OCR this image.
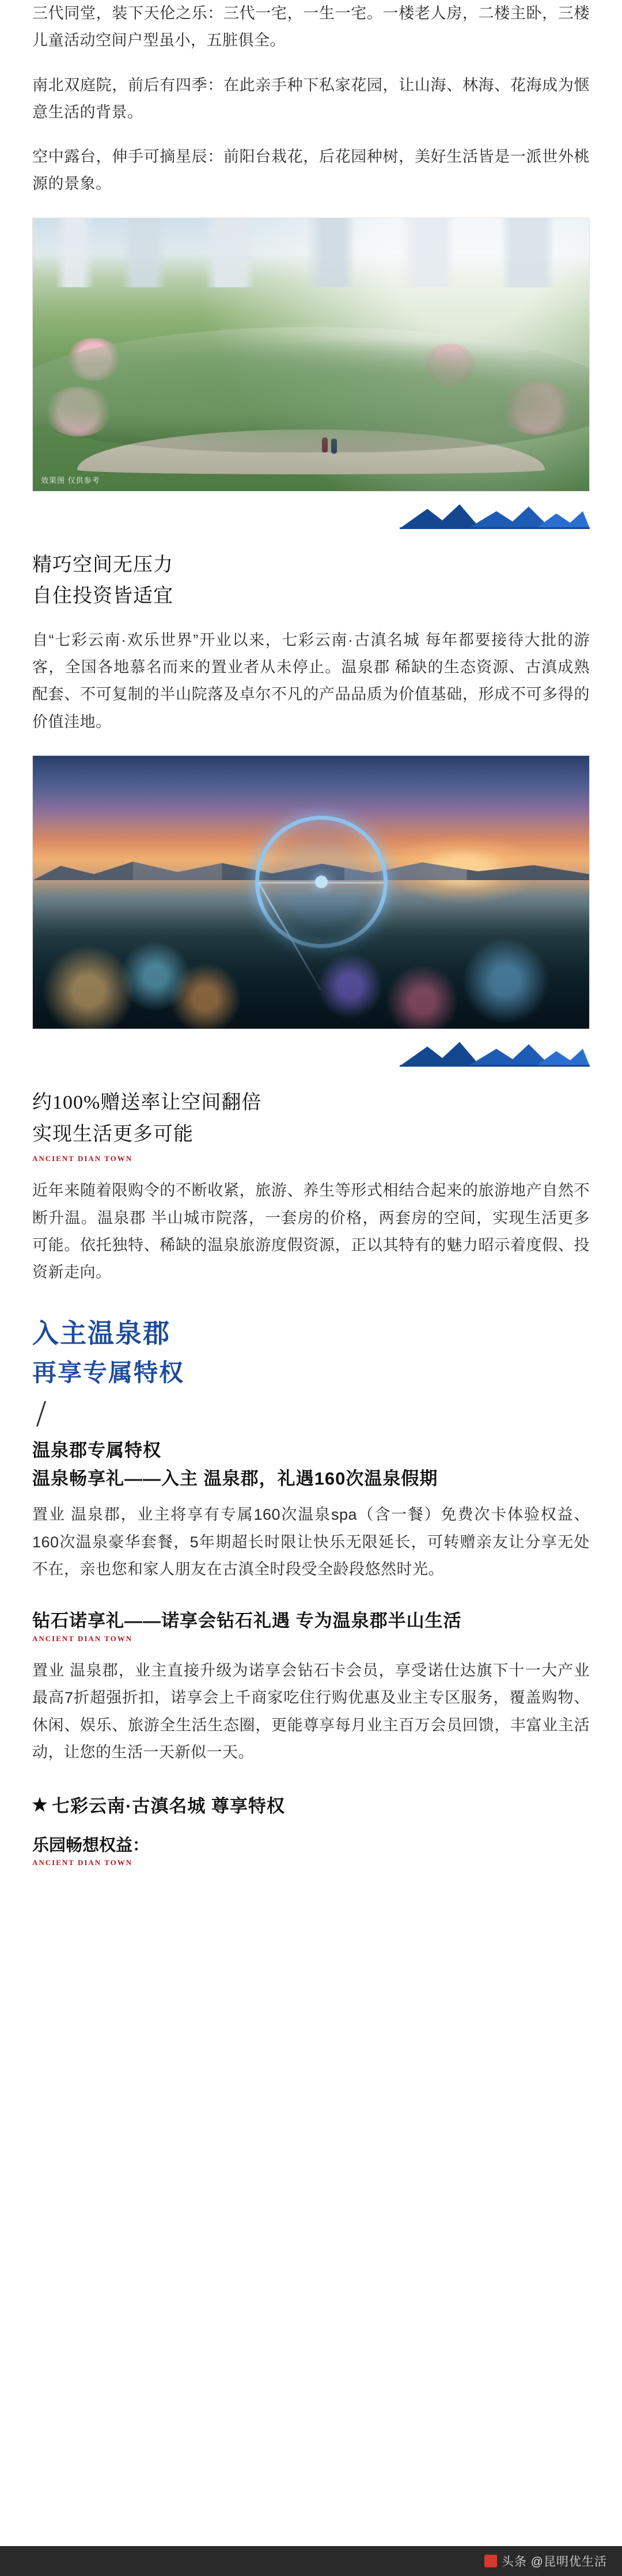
三代同堂，装下天伦之乐：三代一宅，一生一宅。一楼老人房，二楼主卧，三楼儿童活动空间户型虽小，五脏俱全。

南北双庭院，前后有四季：在此亲手种下私家花园，让山海、林海、花海成为惬意生活的背景。

空中露台，伸手可摘星辰：前阳台栽花，后花园种树，美好生活皆是一派世外桃源的景象。

效果图 仅供参考
精巧空间无压力
自住投资皆适宜

自“七彩云南·欢乐世界”开业以来，七彩云南·古滇名城 每年都要接待大批的游客，全国各地慕名而来的置业者从未停止。温泉郡 稀缺的生态资源、古滇成熟配套、不可复制的半山院落及卓尔不凡的产品品质为价值基础，形成不可多得的价值洼地。

约100%赠送率让空间翻倍
实现生活更多可能
ANCIENT DIAN TOWN

近年来随着限购令的不断收紧，旅游、养生等形式相结合起来的旅游地产自然不断升温。温泉郡 半山城市院落，一套房的价格，两套房的空间，实现生活更多可能。依托独特、稀缺的温泉旅游度假资源，正以其特有的魅力昭示着度假、投资新走向。

入主温泉郡
再享专属特权
温泉郡专属特权
温泉畅享礼——入主 温泉郡，礼遇160次温泉假期

置业 温泉郡，业主将享有专属160次温泉spa（含一餐）免费次卡体验权益、160次温泉豪华套餐，5年期超长时限让快乐无限延长，可转赠亲友让分享无处不在，亲也您和家人朋友在古滇全时段受全龄段悠然时光。

钻石诺享礼——诺享会钻石礼遇 专为温泉郡半山生活
ANCIENT DIAN TOWN

置业 温泉郡，业主直接升级为诺享会钻石卡会员，享受诺仕达旗下十一大产业最高7折超强折扣，诺享会上千商家吃住行购优惠及业主专区服务，覆盖购物、休闲、娱乐、旅游全生活生态圈，更能尊享每月业主百万会员回馈，丰富业主活动，让您的生活一天新似一天。

七彩云南·古滇名城 尊享特权
乐园畅想权益：
ANCIENT DIAN TOWN
头条 @昆明优生活
